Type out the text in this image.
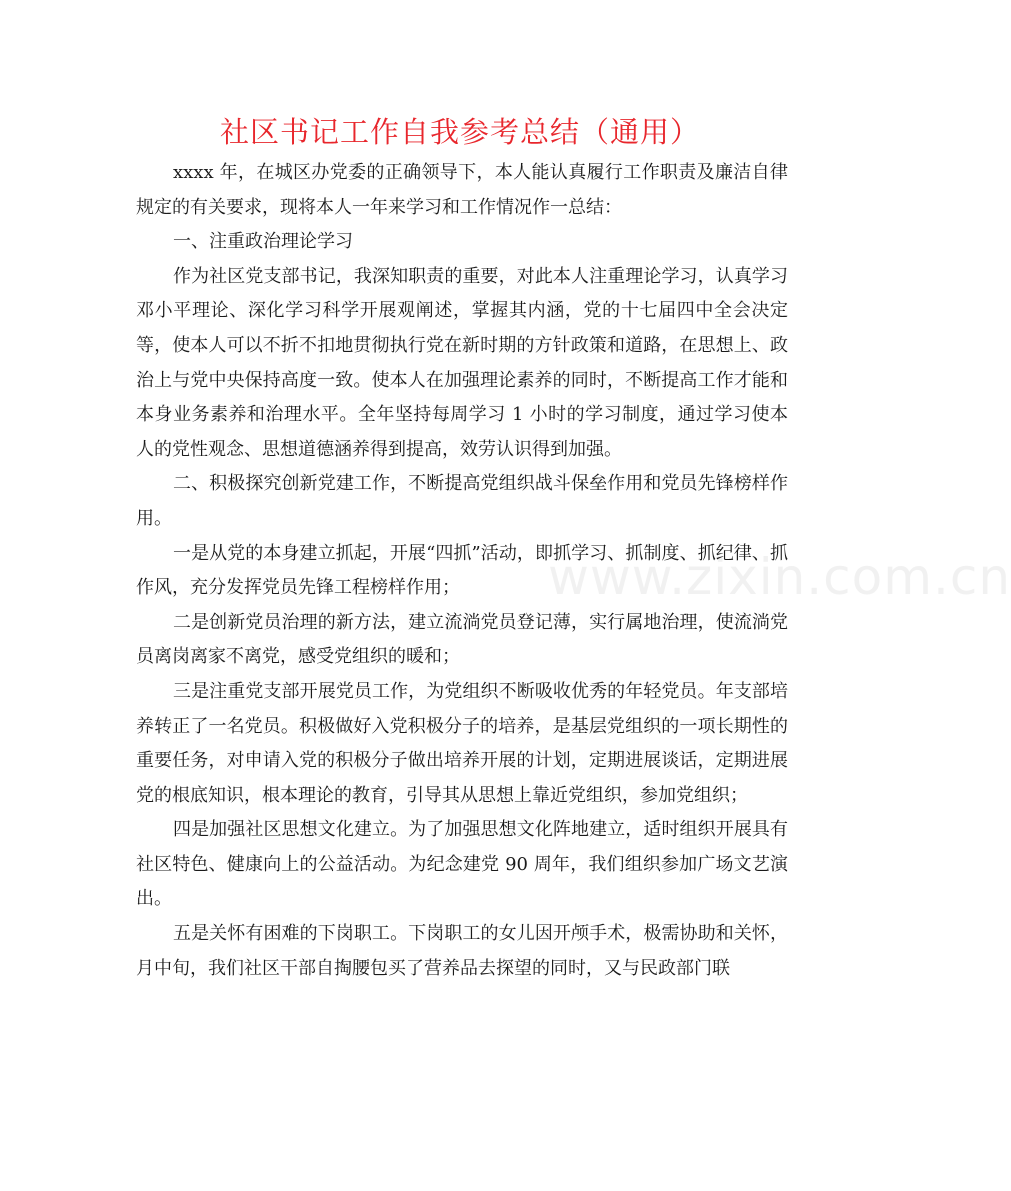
www.zixin.com.cn
社区书记工作自我参考总结（通用）

xxxx 年，在城区办党委的正确领导下，本人能认真履行工作职责及廉洁自律规定的有关要求，现将本人一年来学习和工作情况作一总结：

一、注重政治理论学习

作为社区党支部书记，我深知职责的重要，对此本人注重理论学习，认真学习邓小平理论、深化学习科学开展观阐述，掌握其内涵，党的十七届四中全会决定等，使本人可以不折不扣地贯彻执行党在新时期的方针政策和道路，在思想上、政治上与党中央保持高度一致。使本人在加强理论素养的同时，不断提高工作才能和本身业务素养和治理水平。全年坚持每周学习 1 小时的学习制度，通过学习使本人的党性观念、思想道德涵养得到提高，效劳认识得到加强。

二、积极探究创新党建工作，不断提高党组织战斗保垒作用和党员先锋榜样作用。

一是从党的本身建立抓起，开展“四抓”活动，即抓学习、抓制度、抓纪律、抓作风，充分发挥党员先锋工程榜样作用；

二是创新党员治理的新方法，建立流淌党员登记薄，实行属地治理，使流淌党员离岗离家不离党，感受党组织的暖和；

三是注重党支部开展党员工作，为党组织不断吸收优秀的年轻党员。年支部培养转正了一名党员。积极做好入党积极分子的培养，是基层党组织的一项长期性的重要任务，对申请入党的积极分子做出培养开展的计划，定期进展谈话，定期进展党的根底知识，根本理论的教育，引导其从思想上靠近党组织，参加党组织；

四是加强社区思想文化建立。为了加强思想文化阵地建立，适时组织开展具有社区特色、健康向上的公益活动。为纪念建党 90 周年，我们组织参加广场文艺演出。

五是关怀有困难的下岗职工。下岗职工的女儿因开颅手术，极需协助和关怀，月中旬，我们社区干部自掏腰包买了营养品去探望的同时，又与民政部门联
